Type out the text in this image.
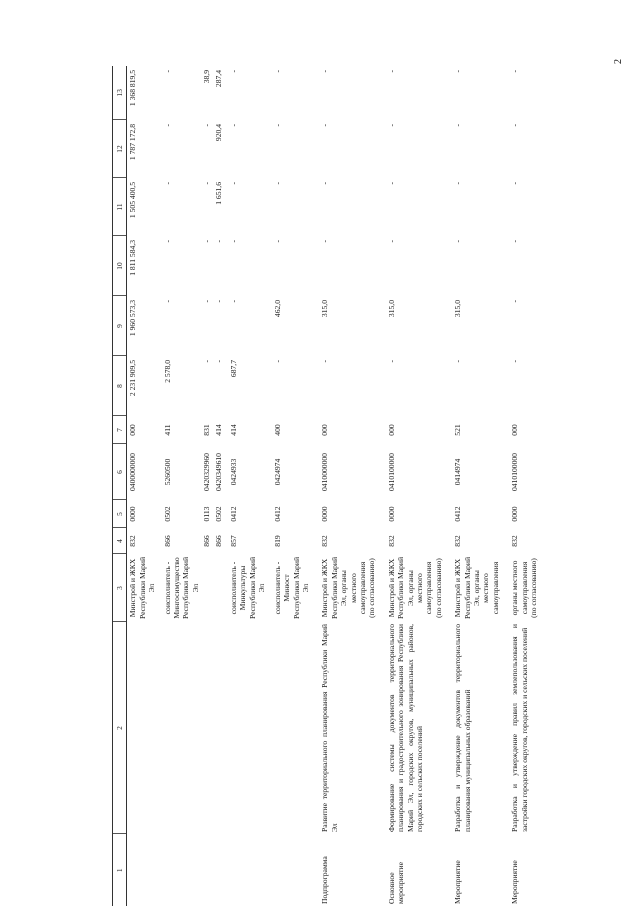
2
1	2	3	4	5	6	7	8	9	10	11	12	13
		Минстрой и ЖКХ Республики Марий Эл	832	0000	0400000000	000	2 231 909,5	1 960 573,3	1 811 584,3	1 505 400,5	1 787 172,8	1 368 819,5
		соисполнитель - Мингосимущество Республики Марий Эл	866	0502	5260500	411	2 578,0	-	-	-	-	-
			866	0113	0420329960	831	-	-	-	-	-	38,9
			866	0502	0420349610	414	-	-	-	1 651,6	920,4	287,4
		соисполнитель - Минкультуры Республики Марий Эл	857	0412	0424933	414	687,7	-	-	-	-	-
		соисполнитель - Минюст Республики Марий Эл	819	0412	0424974	400	-	462,0	-	-	-	-
Подпрограмма	Развитие территориального планирования Республики Марий Эл	Минстрой и ЖКХ Республики Марий Эл, органы местного самоуправления (по согласованию)	832	0000	0410000000	000	-	315,0	-	-	-	-
Основное мероприятие	Формирование системы документов территориального планирования и градостроительного зонирования Республики Марий Эл, городских округов, муниципальных районов, городских и сельских поселений	Минстрой и ЖКХ Республики Марий Эл, органы местного самоуправления (по согласованию)	832	0000	0410100000	000	-	315,0	-	-	-	-
Мероприятие	Разработка и утверждение документов территориального планирования муниципальных образований	Минстрой и ЖКХ Республики Марий Эл, органы местного самоуправления	832	0412	0414974	521	-	315,0	-	-	-	-
Мероприятие	Разработка и утверждение правил землепользования и застройки городских округов, городских и сельских поселений	органы местного самоуправления (по согласованию)	832	0000	0410100000	000	-	-	-	-	-	-
